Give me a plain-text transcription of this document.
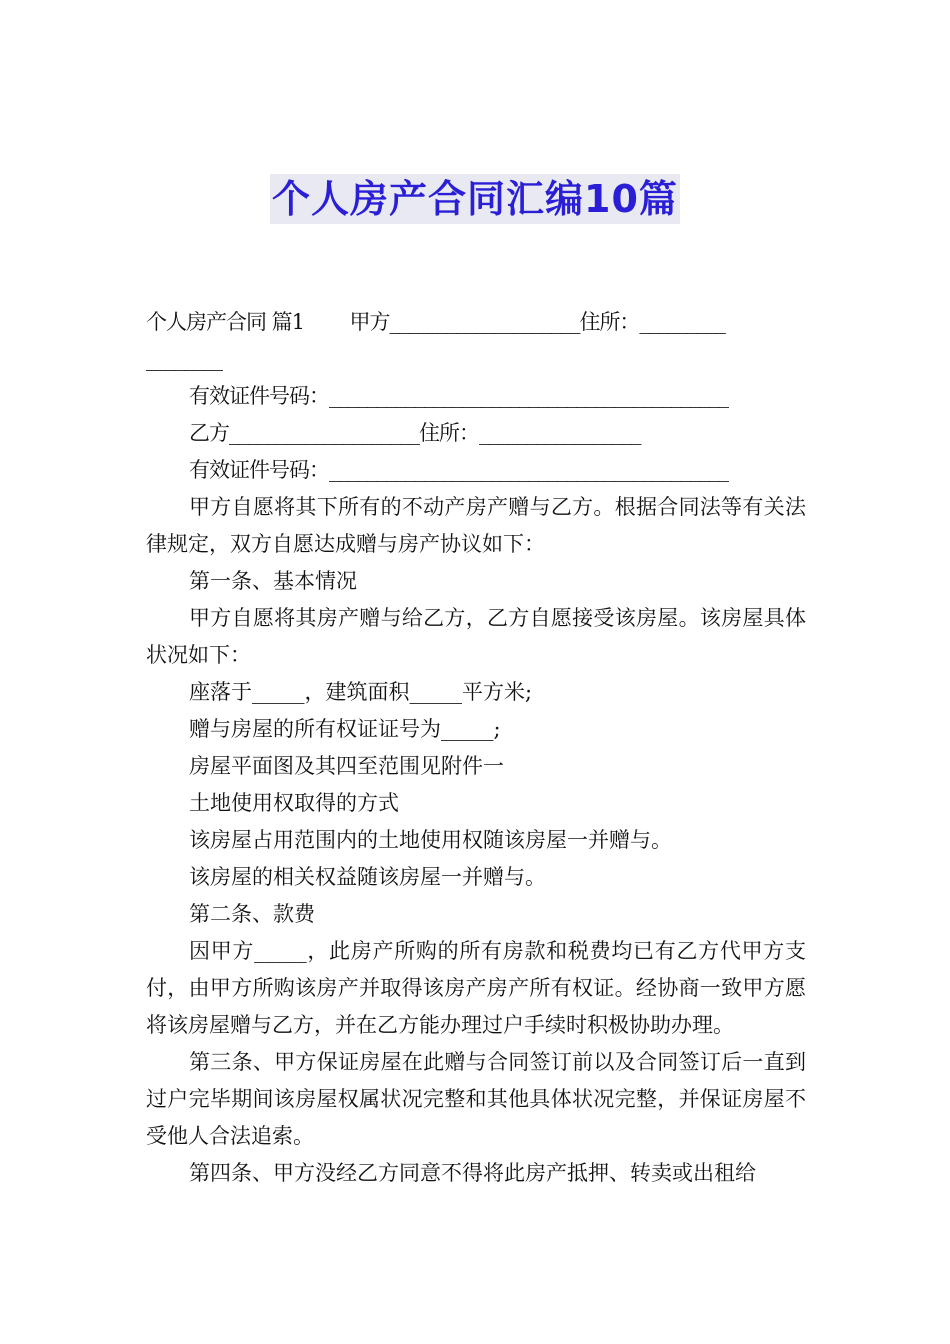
个人房产合同汇编10篇
个人房产合同 篇1        甲方____________________住所：_________
________
有效证件号码：__________________________________________
乙方____________________住所：_________________
有效证件号码：__________________________________________
甲方自愿将其下所有的不动产房产赠与乙方。根据合同法等有关法律规定，双方自愿达成赠与房产协议如下：
第一条、基本情况
甲方自愿将其房产赠与给乙方，乙方自愿接受该房屋。该房屋具体状况如下：
座落于_____，建筑面积_____平方米;
赠与房屋的所有权证证号为_____;
房屋平面图及其四至范围见附件一
土地使用权取得的方式
该房屋占用范围内的土地使用权随该房屋一并赠与。
该房屋的相关权益随该房屋一并赠与。
第二条、款费
因甲方_____，此房产所购的所有房款和税费均已有乙方代甲方支付，由甲方所购该房产并取得该房产房产所有权证。经协商一致甲方愿将该房屋赠与乙方，并在乙方能办理过户手续时积极协助办理。
第三条、甲方保证房屋在此赠与合同签订前以及合同签订后一直到过户完毕期间该房屋权属状况完整和其他具体状况完整，并保证房屋不受他人合法追索。
第四条、甲方没经乙方同意不得将此房产抵押、转卖或出租给
